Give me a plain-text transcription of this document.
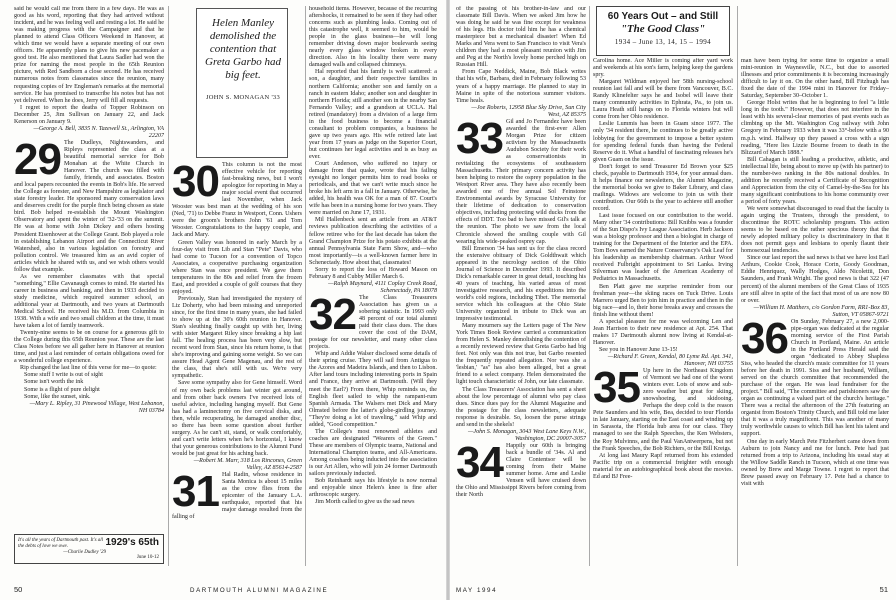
said he would call me from there in a few days. He was as good as his word, reporting that they had arrived without incident, and he was feeling well and resting a lot. He said he was making progress with the Campaigner and that he planned to attend Class Officers Weekend in Hanover, at which time we would have a separate meeting of our own officers. He apparently plans to give his new pacemaker a good test. He also mentioned that Laura Sadler had won the prize for naming the most people in the 65th Reunion picture, with Red Sandborn a close second. He has received numerous notes from classmates since the reunion, many requesting copies of Irv Engleman's remarks at the memorial service. He has promised to transcribe his notes but has not yet delivered. When he does, Jerry will fill all requests.

I regret to report the deaths of Topper Robinson on December 25, Jim Sullivan on January 22, and Jack Kenerson on January 9.

—George A. Bell, 3835 N. Tazewell St., Arlington, VA 22207

29 The Dudleys, Nightswanders, and Ripleys represented the class at a beautiful memorial service for Bob Monahan at the White Church in Hanover. The church was filled with family, friends, and associates. Boston and local papers recounted the events in Bob's life. He served the College as forester, and New Hampshire as legislator and state forestry leader. He sponsored many conservation laws and deserves credit for the purple finch being chosen as state bird. Bob helped re-establish the Mount Washington Observatory and spent the winter of '32-'33 on the summit. He was at home with John Dickey and others hosting President Eisenhower at the College Grant. Bob played a role in establishing Lebanon Airport and the Connecticut River Watershed, also in various legislation on forestry and pollution control. We treasured him as an avid copier of articles which he shared with us, and we wish others would follow that example.

As we remember classmates with that special "something," Ellie Cavanaugh comes to mind. He started his career in business and banking, and then in 1933 decided to study medicine, which required summer school, an additional year at Dartmouth, and two years at Dartmouth Medical School. He received his M.D. from Columbia in 1938. With a wife and two small children at the time, it must have taken a lot of family teamwork.

Twenty-nine seems to be on course for a generous gift to the College during this 65th Reunion year. These are the last Class Notes before we all gather here in Hanover at reunion time, and just a last reminder of certain obligations owed for a wonderful college experience.

Rip changed the last line of this verse for me—to quote:

Some stuff I write is out of sight

Some isn't worth the ink

Some is a flight of pure delight

Some, like the sunset, sink.

—Mary L. Ripley, 31 Pinewood Village, West Lebanon, NH 03784

It's all the years of Dartmouth past. It's all the debts of love we owe.
—Charlie Dudley '29
1929's 65th
June 10-12
Helen Manley demolished the contention that Greta Garbo had big feet.
JOHN S. MONAGAN '33

30 This column is not the most effective vehicle for reporting fast-breaking news, but I won't apologize for reporting in May a major social event that occurred last November, when Jack Wooster was best man at the wedding of his son (Ned, '71) to Debbe Franz in Westport, Conn. Ushers were the groom's brothers John '61 and Tom Wooster. Congratulations to the happy couple, and Jack and Mary.

Green Valley was honored in early March by a four-day visit from Lib and Stan "Pete" Davis, who had come to Tucson for a convention of Topco Associates, a cooperative purchasing organization where Stan was once president. We gave them temperatures in the 80s and relief from the frozen East, and provided a couple of golf courses that they enjoyed.

Previously, Stan had investigated the mystery of Liz Doherty, who had been missing and unreported since, for the first time in many years, she had failed to show up at the 30's 60th reunion in Hanover. Stan's sleuthing finally caught up with her, living with sister Margaret Riley since breaking a hip last fall. The healing process has been very slow, but recent word from Stan, since his return home, is that she's improving and gaining some weight. So we can assure Head Agent Gene Magenau, and the rest of the class, that she's still with us. We're very sympathetic.

Save some sympathy also for Gene himself. Word of my own back problems last winter got around, and from other back owners I've received lots of useful advice, including hanging myself. But Gene has had a laminectomy on five cervical disks, and then, while recuperating, he damaged another disc, so there has been some question about further surgery. As he can't sit, stand, or walk comfortably, and can't write letters when he's horizontal, I know that your generous contributions to the Alumni Fund would be just great for his aching back.

—Robert M. Marr, 318 Los Rincones, Green Valley, AZ 85614-2587

31 Hal Radin, whose residence in Santa Monica is about 15 miles as the crow flies from the epicenter of the January L.A. earthquake, reported that his major damage resulted from the falling of

household items. However, because of the recurring aftershocks, it remained to be seen if they had other concerns such as plumbing leaks. Coming out of this catastrophe well, it seemed to him, would be people in the glass business—he will long remember driving down major boulevards seeing nearly every glass window broken in every direction. Also in his locality there were many damaged walls and collapsed chimneys.

Hal reported that his family is well scattered: a son, a daughter, and their respective families in northern California; another son and family on a ranch in eastern Idaho; another son and daughter in northern Florida; still another son in the nearby San Fernando Valley; and a grandson at UCLA. Hal retired (mandatory) from a division of a large firm in the food business to become a financial consultant to problem companies, a business he gave up two years ago. His wife retired late last year from 17 years as judge on the Superior Court, but continues her legal activities and is as busy as ever.

Court Anderson, who suffered no injury or damage from that quake, wrote that his failing eyesight no longer permits him to read books or periodicals, and that we can't write much since he broke his left arm in a fall in January. Otherwise, he added, his health was OK for a man of 87. Court's wife has been in a nursing home for two years. They were married on June 17, 1931.

Mil Hallenbeck sent an article from an AT&T reviews publication describing the activities of a fellow retiree who for the last decade has taken the Grand Champion Prize for his potato exhibits at the annual Pennsylvania State Farm Show, and—who most importantly—is a well-known farmer here in Schenectady. How about that, classmates!

Sorry to report the loss of Howard Mason on February 8 and Cubby Miller March 6.

—Ralph Maynard, 4111 Coplay Creek Road, Schenectady, PA 18078

32 The Class Treasurers Association has given us a sobering statistic. In 1993 only 48 percent of our total alumni paid their class dues. The dues cover the cost of the DAM, postage for our newsletter, and many other class projects.

Whip and Addie Walser disclosed some details of their spring cruise. They will sail from Antigua to the Azores and Madeira Islands, and then to Lisbon. After land tours including interesting ports in Spain and France, they arrive at Dartmouth. (Will they meet the Earl?) From there, Whip reminds us, the English fleet sailed to whip the rampant-rum Spanish Armada. The Walsers met Dick and Mary Olmsted before the latter's globe-girdling journey. "They're doing a lot of traveling," said Whip and added, "Good competition."

The College's most renowned athletes and coaches are designated "Wearers of the Green." These are members of Olympic teams, National and International Champion teams, and All-Americans. Among coaches being inducted into the association is our Art Allen, who will join 24 former Dartmouth sailors previously inducted.

Bob Reinhardt says his lifestyle is now normal and enjoyable since Helen's knee is fine after arthroscopic surgery.

Jim Morth called to give us the sad news

50	DARTMOUTH ALUMNI MAGAZINE

of the passing of his brother-in-law and our classmate Bill Davis. When we asked Jim how he was doing he said he was fine except for weakness of his legs. His doctor told him he has a chemical masterpiece but a mechanical disaster! When Ed Marks and Vera went to San Francisco to visit Vera's children they had a most pleasant reunion with Jim and Peg at the North's lovely home perched high on Russian Hill.

From Cape Neddick, Maine, Bob Black writes that his wife, Barbara, died in February following 53 years of a happy marriage. He planned to stay in Maine in spite of the notorious summer visitors. Time heals.

—Joe Roberts, 12958 Blue Sky Drive, Sun City West, AZ 85375

33 Gil and Jo Fernandez have been awarded the first-ever Allen Morgan Prize for citizen activism by the Massachusetts Audubon Society for their work as conservationists in revitalizing the ecosystems of southeastern Massachusetts. Their primary concern activity has been helping to restore the osprey population in the Westport River area. They have also recently been awarded one of five annual Sol Feinstone Environmental awards by Syracuse University for their lifetime of dedication to conservation objectives, including protecting wild ducks from the effects of DDT. Too bad to have missed Gil's talk at the reunion. The photo we saw from the local Chronicle showed the smiling couple with Gil wearing his wide-peaked osprey cap.

Bill Emerson '34 has sent us for the class record the extensive obituary of Dick Goldthwait which appeared in the necrology section of the Ohio Journal of Science in December 1993. It described Dick's remarkable career in great detail, touching his 40 years of teaching, his varied areas of most investigative research, and his expeditions into the world's cold regions, including Tibet. The memorial service which his colleagues at the Ohio State University organized in tribute to Dick was an impressive testimonial.

Many mourners say the Letters page of The New York Times Book Review carried a communication from Helen S. Manley demolishing the contention of a recently reviewed review that Greta Garbo had big feet. Not only was this not true, but Garbo resented the frequently repeated allegation. Nor was she a 'lesbian,' "as" has also been alleged, but a great friend to a select company. Helen demonstrated the light touch characteristic of John, our late classmate.

The Class Treasurers' Association has sent a sheet about the low percentage of alumni who pay class dues. Since dues pay for the Alumni Magazine and the postage for the class newsletters, adequate response is desirable. So, loosen the purse strings and send in the shekels!

—John S. Monagan, 3043 West Lane Keys N.W., Washington, DC 20007-3057

34 Happily our 60th is bringing back a bundle of '34s. Al and Claire Contentsor will be coming from their Maine summer home. Arne and Leslie Vensen will have cruised down the Ohio and Mississippi Rivers before coming from their North

Carolina home. Ace Miller is coming after yard work and weekends at his son's farm, helping keep the gardens spry.

Margaret Wildman enjoyed her 58th nursing-school reunion last fall and will be there from Vancouver, B.C. Randy Klinefelter says he and Isobel will leave their many community activities in Ephrata, Pa., to join us. Laura Heath still hangs on to Florida winters but will come from her Ohio residence.

Leslie Lummis has been in Guam since 1977. The only '34 resident there, he continues to be greatly active lobbying for the government to impose a better system for spending federal funds than having the Federal Reserve do it. What a handful of fascinating releases he's given Guam on the issue.

Don't forget to send Treasurer Ed Brown your $25 check, payable to Dartmouth 1934, for your annual dues. It helps finance our newsletters, the Alumni Magazine, the memorial books we give to Baker Library, and class mailings. Widows are welcome to join us with their contribution. Our 66th is the year to achieve still another record.

Last issue focused on our contribution to the world. Many other '34 contributions: Bill Knibbs was a founder of the Sun Dispo's Ivy League Association. Herb Jackson was a biology professor and then a biologist in charge of training for the Department of the Interior and the EPA. Tom Bovs earned the Nature Conservancy's Oak Leaf for his leadership as membership chairman. Arthur Wood received Fulbright appointment to Sri Lanka. Irving Silverman was leader of the American Academy of Pediatrics in Massachusetts.

Ben Platt gave me surprise reminder from our freshman year—the skiing races on Tuck Drive. Louis Marrero urged Ben to join him in practice and then in the big race—and lo, their horse breaks away and crosses the finish line without them!

A special pleasure for me was welcoming Len and Jean Harrison to their new residence at Apt. 254. That makes 17 Dartmouth alumni now living at Kendal-at-Hanover.

See you in Hanover June 13-15!

—Richard F. Green, Kendal, 80 Lyme Rd. Apt. 341, Hanover, NH 03755

35 Up here in the Northeast Kingdom of Vermont we had one of the worst winters ever. Lots of snow and sub-zero weather but great for skiing, snowshoeing, and skidooing. Perhaps the deep cold is the reason Pete Saunders and his wife, Bea, decided to tour Florida in late January, starting on the East coast and winding up in Sarasota, the Florida hub area for our class. They managed to see the Ralph Speeches, the Ken Websters, the Roy Mulvinns, and the Paul VanAntwerpens, but not the Frank Speeches, the Bob Richters, or the Bill Kreigs.

At long last Maury Rapf returned from his extended Pacific trip on a commercial freighter with enough material for an autobiographical book about the movies. Ed and BJ Free-

man have been trying for some time to organize a small mini-reunion in Waynesville, N.C., but due to assorted illnesses and prior commitments it is becoming increasingly difficult to lay it on. On the other hand, Bill Fitzhugh has fixed the date of the 1994 mini in Hanover for Friday–Saturday, September 30–October 1.

George Holst writes that he is beginning to feel "a little long in the tooth." However, that does not interfere in the least with his several-clear memories of past events such as climbing up the Mt. Washington Cog railway with John Gregory in February 1933 when it was 33°-below with a 90 m.p.h. wind. Halfway up they passed a cross with a sign reading, "Here lies Lizzie Bourne frozen to death in the Blizzard of March 1888."

Bill Cahagan is still leading a productive, athletic, and intellectual life, being about to move up (with his partner) to the number-two ranking in the 80s national doubles. In addition he recently received a Certificate of Recognition and Appreciation from the city of Camel-by-the-Sea for his many significant contributions to his home community over a period of forty years.

We were somewhat discouraged to read that the faculty is again urging the Trustees, through the president, to discontinue the ROTC scholarship program. This action seems to be based on the rather specious theory that the newly adopted military policy is discriminatory in that it does not permit gays and lesbians to openly flaunt their homosexual tendencies.

Since our last report the sad news is that we have lost Earl Arthurs, Cookie Cook, Horace Corin, Goody Goodman, Eddie Henriquez, Wally Hodges, Aldo Nicolettii, Don Saunders, and Frank Wright. The good news is that 322 (47 percent) of the alumni members of the Great Class of 1935 are still alive in spite of the fact that most of us are now 80 or over.

—William H. Matthers, c/o Gordon Farm, RR1-Box 83, Sutton, VT 05867-9721

36 On Sunday, February 27, a new 2,000-pipe-organ was dedicated at the regular morning service of the First Parish Church in Portland, Maine. An article in the Portland Press Herald said the organ "dedicated to Abbey Shapless Siss, who headed the church's music committee for 11 years before her death in 1991. Siss and her husband, William, served on the church committee that recommended the purchase of the organ. He was lead fundraiser for the project." Bill said, "The committee and parishioners saw the organ as continuing a valued part of the church's heritage." There was a recital the afternoon of the 27th featuring an organist from Boston's Trinity Church, and Bill told me later that it was a truly magnificent. This was another of many truly worthwhile causes to which Bill has lent his talent and support.

One day in early March Pete Fitzherbert came down from Auburn to join Nancy and me for lunch. Pete had just returned from a trip to Arizona, including his usual stay at the Willow Saddle Ranch in Tucson, which at one time was owned by Brew and Marge Towne. I regret to report that Brew passed away on February 17. Pete had a chance to visit with

MAY 1994	51
60 Years Out – and Still
"The Good Class"
1934 – June 13, 14, 15 – 1994
